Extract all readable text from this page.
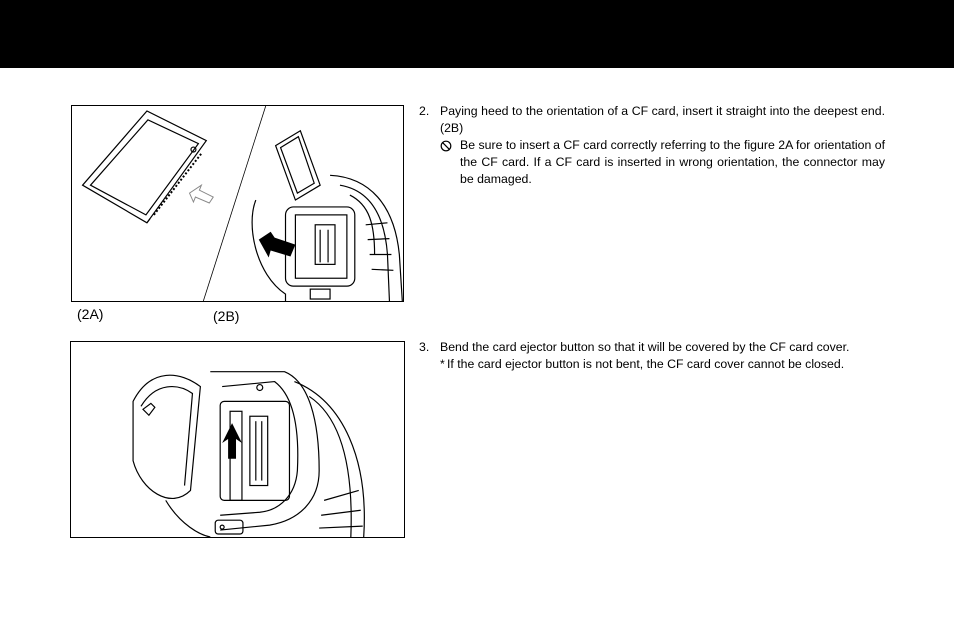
(2A)	(2B)
2. Paying heed to the orientation of a CF card, insert it straight into the deepest end. (2B)
Be sure to insert a CF card correctly referring to the figure 2A for orientation of the CF card. If a CF card is inserted in wrong orientation, the connector may be damaged.
3. Bend the card ejector button so that it will be covered by the CF card cover.
* If the card ejector button is not bent, the CF card cover cannot be closed.
